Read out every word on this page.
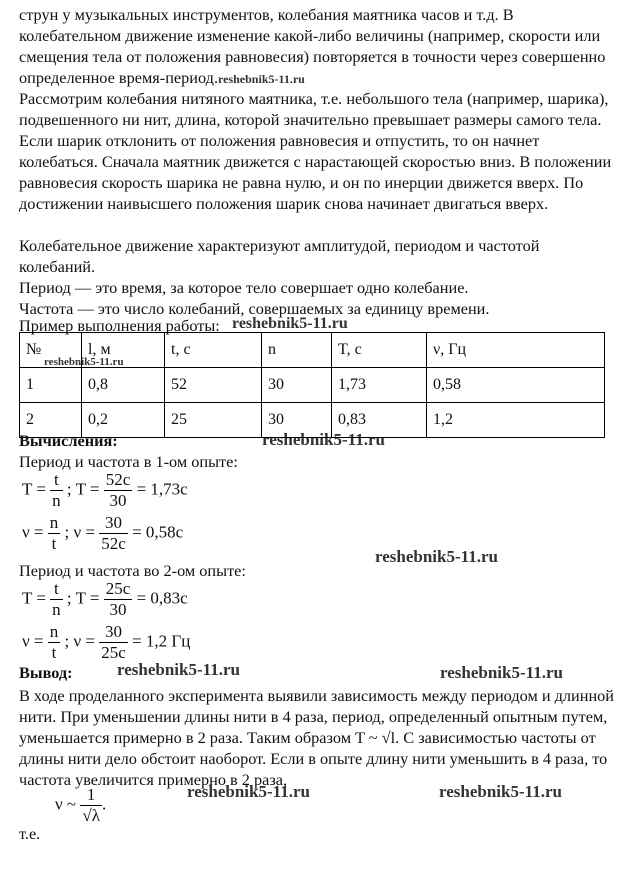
струн у музыкальных инструментов, колебания маятника часов и т.д. В колебательном движение изменение какой-либо величины (например, скорости или смещения тела от положения равновесия) повторяется в точности через совершенно определенное время-период.reshebnik5-11.ru

Рассмотрим колебания нитяного маятника, т.е. небольшого тела (например, шарика), подвешенного ни нит, длина, которой значительно превышает размеры самого тела. Если шарик отклонить от положения равновесия и отпустить, то он начнет колебаться. Сначала маятник движется с нарастающей скоростью вниз. В положении равновесия скорость шарика не равна нулю, и он по инерции движется вверх. По достижении наивысшего положения шарик снова начинает двигаться вверх.

Колебательное движение характеризуют амплитудой, периодом и частотой колебаний.

Период — это время, за которое тело совершает одно колебание.

Частота — это число колебаний, совершаемых за единицу времени.

Пример выполнения работы: reshebnik5-11.ru
reshebnik5-11.ru
reshebnik5-11.ru
reshebnik5-11.ru
reshebnik5-11.ru	reshebnik5-11.ru
reshebnik5-11.ru	reshebnik5-11.ru
№	l, м	t, c	n	T, c	ν, Гц
1	0,8	52	30	1,73	0,58
2	0,2	25	30	0,83	1,2

Вычисления:

Период и частота в 1-ом опыте:

$T = \frac{t}{n}$ ; $T = \frac{52c}{30} = 1,73c$
$\nu = \frac{n}{t}$ ; $\nu = \frac{30}{52c} = 0,58c$

Период и частота во 2-ом опыте:

$T = \frac{t}{n}$ ; $T = \frac{25c}{30} = 0,83c$
$\nu = \frac{n}{t}$ ; $\nu = \frac{30}{25c} = 1,2$ Гц

Вывод:

В ходе проделанного эксперимента выявили зависимость между периодом и длинной нити. При уменьшении длины нити в 4 раза, период, определенный опытным путем, уменьшается примерно в 2 раза. Таким образом T ~ √l. С зависимостью частоты от длины нити дело обстоит наоборот. Если в опыте длину нити уменьшить в 4 раза, то частота увеличится примерно в 2 раза,

ν ~ $\frac{1}{√\lambda}$ .

т.е.
